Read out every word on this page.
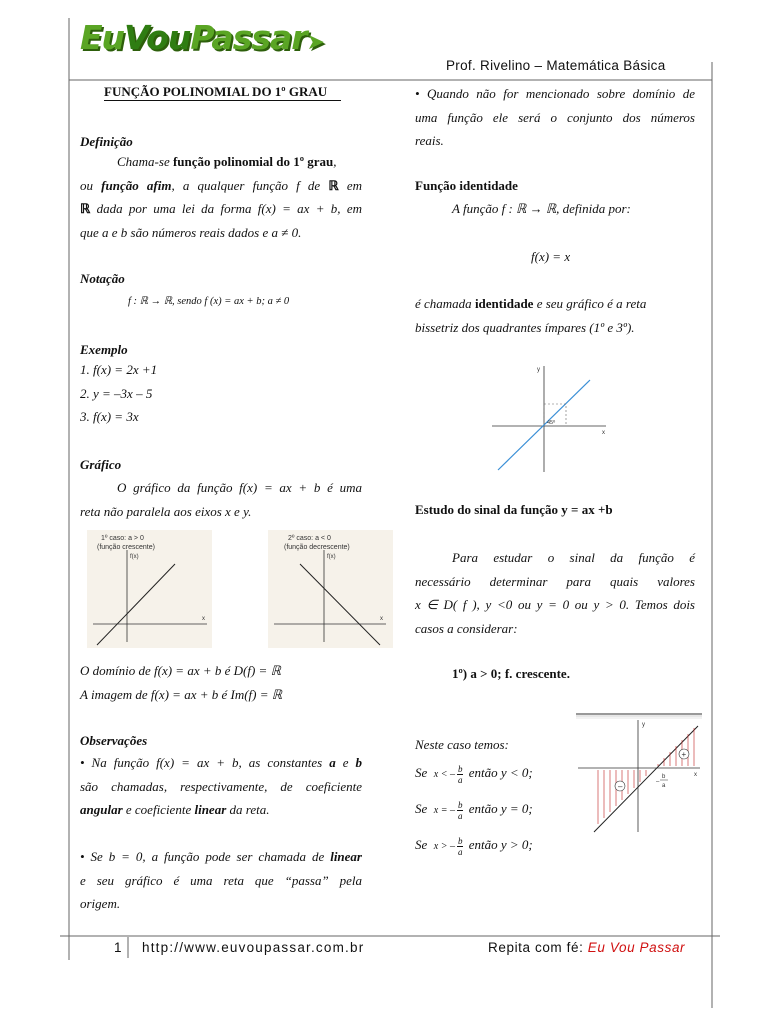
EuVouPassar➤
Prof. Rivelino – Matemática Básica
FUNÇÃO POLINOMIAL DO 1º GRAU
Definição
Chama-se função polinomial do 1º grau,
ou função afim, a qualquer função f de ℝ em
ℝ dada por uma lei da forma f(x) = ax + b, em
que a e b são números reais dados e a ≠ 0.
Notação
f : ℝ → ℝ, sendo f (x) = ax + b; a ≠ 0
Exemplo
1. f(x) = 2x +1
2. y = –3x – 5
3. f(x) = 3x
Gráfico
O gráfico da função f(x) = ax + b é uma
reta não paralela aos eixos x e y.
1º caso: a > 0
(função crescente)
f(x)
x
2º caso: a < 0
(função decrescente)
f(x)
x
O domínio de f(x) = ax + b é D(f) = ℝ
A imagem de f(x) = ax + b é Im(f) = ℝ
Observações
• Na função f(x) = ax + b, as constantes a e b
são chamadas, respectivamente, de coeficiente
angular e coeficiente linear da reta.
• Se b = 0, a função pode ser chamada de linear
e seu gráfico é uma reta que “passa” pela
origem.
• Quando não for mencionado sobre domínio de
uma função ele será o conjunto dos números
reais.
Função identidade
A função f : ℝ → ℝ, definida por:
f(x) = x
é chamada identidade e seu gráfico é a reta
bissetriz dos quadrantes ímpares (1º e 3º).
y
x
45º
Estudo do sinal da função y = ax +b
Para estudar o sinal da função é
necessário determinar para quais valores
x ∈ D( f ), y <0 ou y = 0 ou y > 0. Temos dois
casos a considerar:
1º) a > 0; f. crescente.
Neste caso temos:
Se x < – $\frac{b}{a}$ então y < 0;
Se x = – $\frac{b}{a}$ então y = 0;
Se x > – $\frac{b}{a}$ então y > 0;
y
x
+
–
b
a
–
1 http://www.euvoupassar.com.br	Repita com fé: Eu Vou Passar
